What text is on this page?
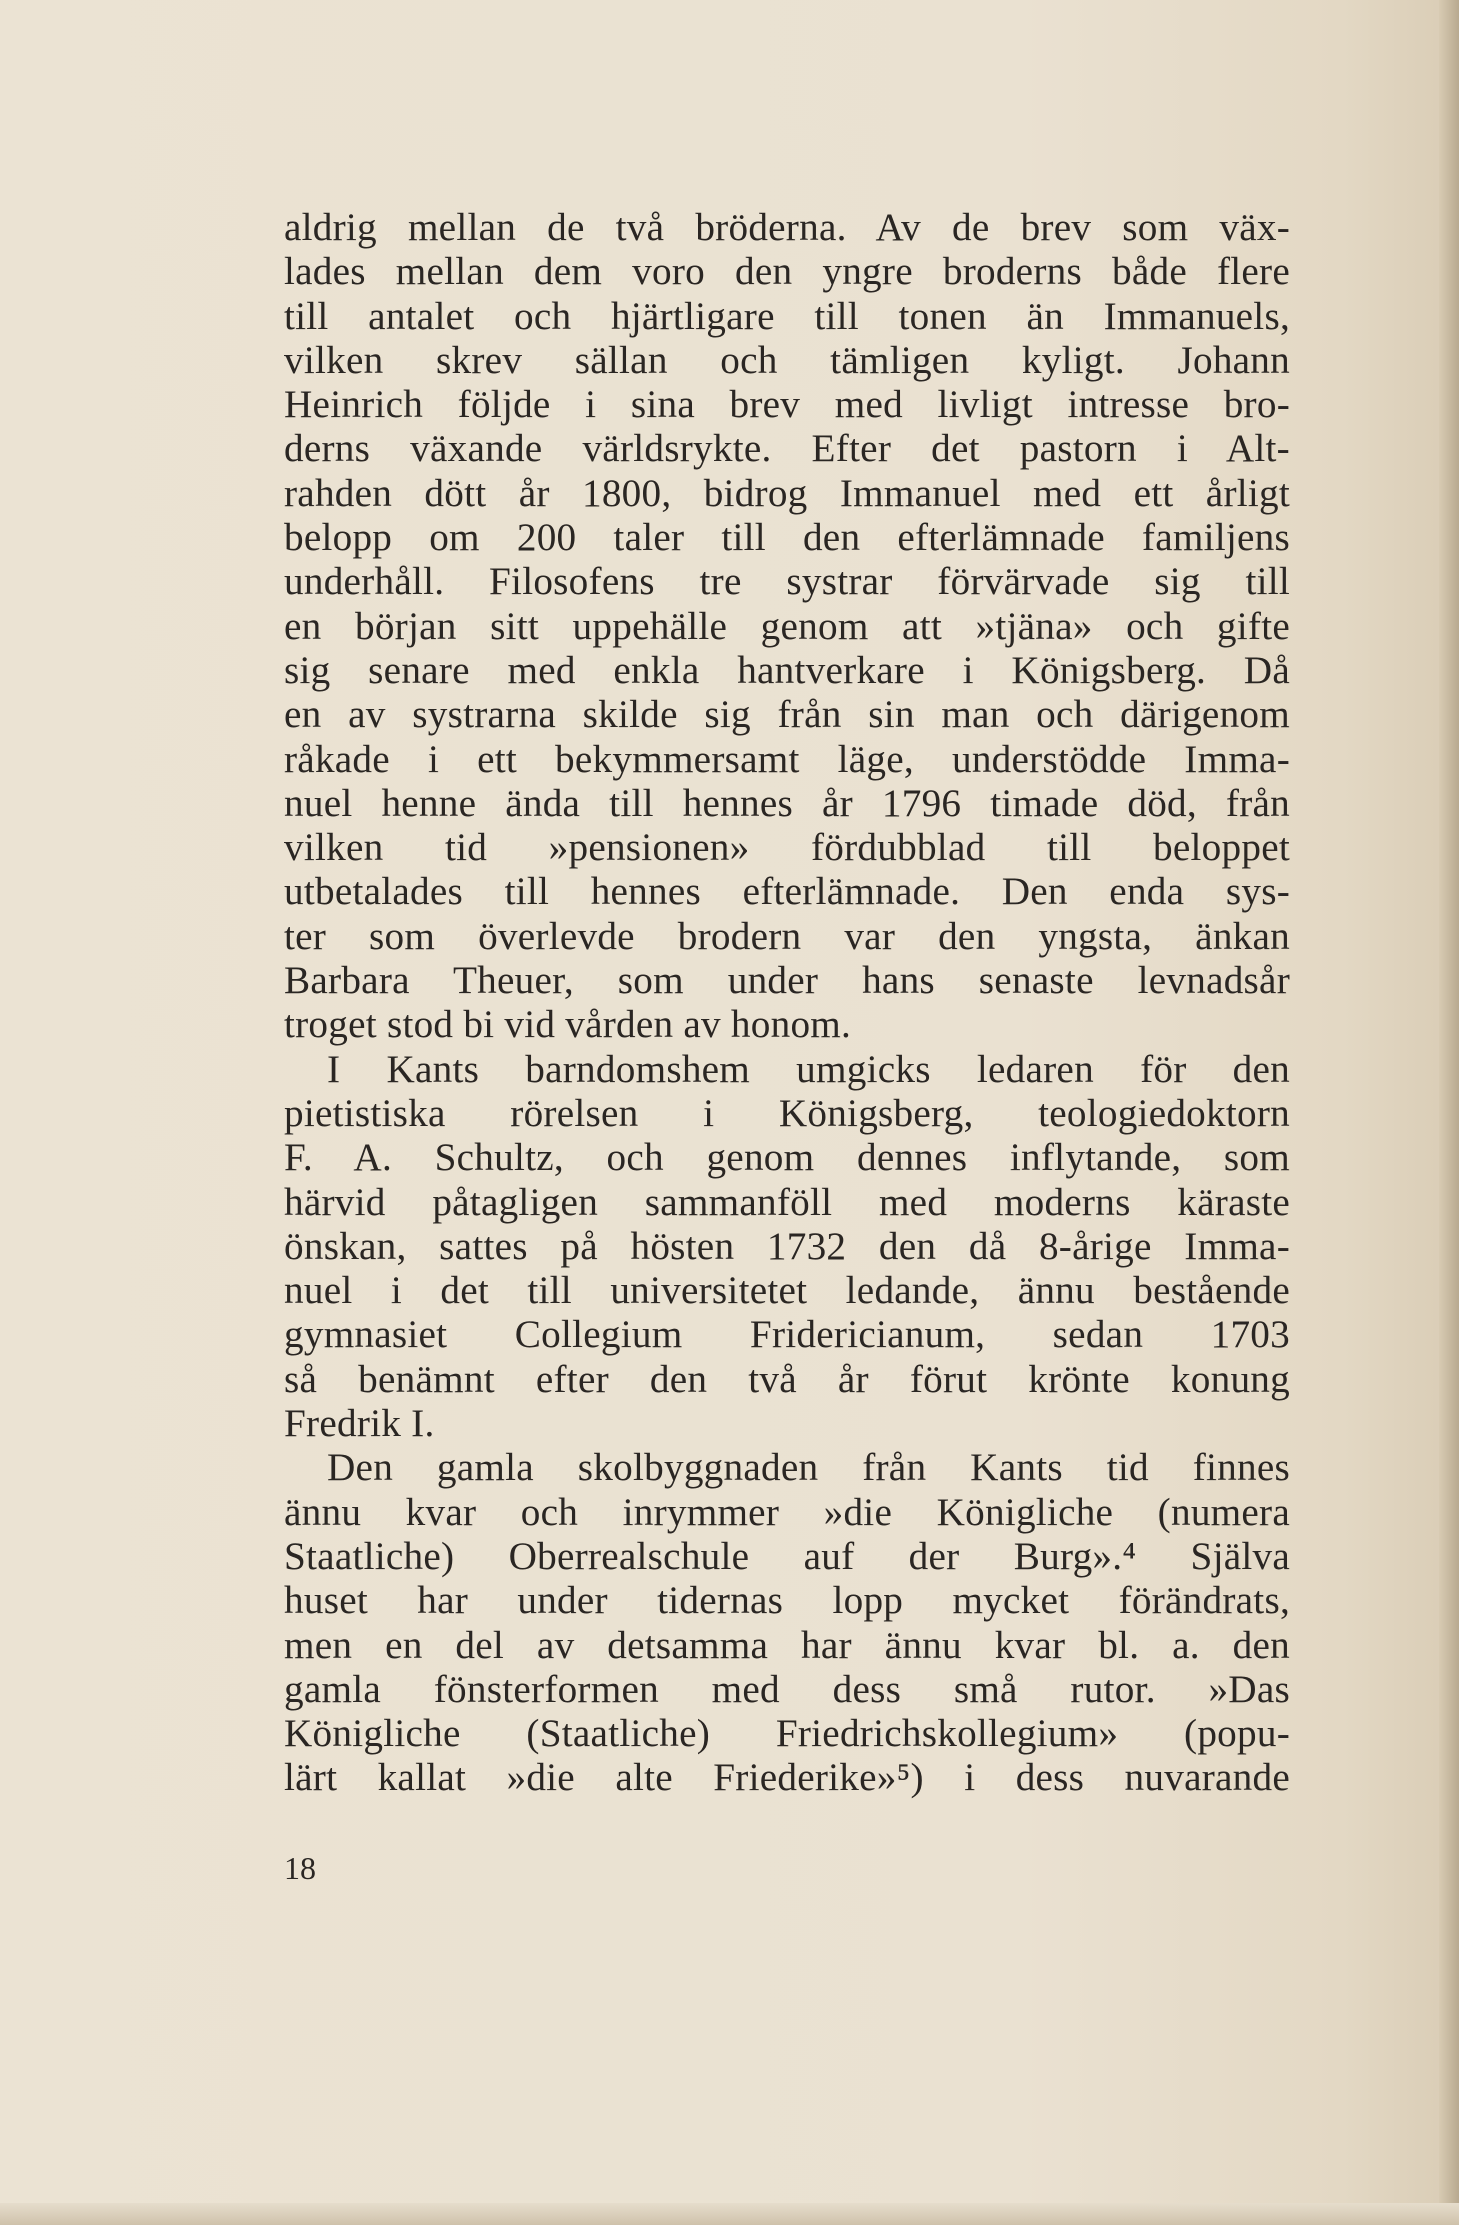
aldrig mellan de två bröderna. Av de brev som väx-
lades mellan dem voro den yngre broderns både flere
till antalet och hjärtligare till tonen än Immanuels,
vilken skrev sällan och tämligen kyligt. Johann
Heinrich följde i sina brev med livligt intresse bro-
derns växande världsrykte. Efter det pastorn i Alt-
rahden dött år 1800, bidrog Immanuel med ett årligt
belopp om 200 taler till den efterlämnade familjens
underhåll. Filosofens tre systrar förvärvade sig till
en början sitt uppehälle genom att »tjäna» och gifte
sig senare med enkla hantverkare i Königsberg. Då
en av systrarna skilde sig från sin man och därigenom
råkade i ett bekymmersamt läge, understödde Imma-
nuel henne ända till hennes år 1796 timade död, från
vilken tid »pensionen» fördubblad till beloppet
utbetalades till hennes efterlämnade. Den enda sys-
ter som överlevde brodern var den yngsta, änkan
Barbara Theuer, som under hans senaste levnadsår
troget stod bi vid vården av honom.
I Kants barndomshem umgicks ledaren för den
pietistiska rörelsen i Königsberg, teologiedoktorn
F. A. Schultz, och genom dennes inflytande, som
härvid påtagligen sammanföll med moderns käraste
önskan, sattes på hösten 1732 den då 8-årige Imma-
nuel i det till universitetet ledande, ännu bestående
gymnasiet Collegium Fridericianum, sedan 1703
så benämnt efter den två år förut krönte konung
Fredrik I.
Den gamla skolbyggnaden från Kants tid finnes
ännu kvar och inrymmer »die Königliche (numera
Staatliche) Oberrealschule auf der Burg».⁴ Själva
huset har under tidernas lopp mycket förändrats,
men en del av detsamma har ännu kvar bl. a. den
gamla fönsterformen med dess små rutor. »Das
Königliche (Staatliche) Friedrichskollegium» (popu-
lärt kallat »die alte Friederike»⁵) i dess nuvarande
18
